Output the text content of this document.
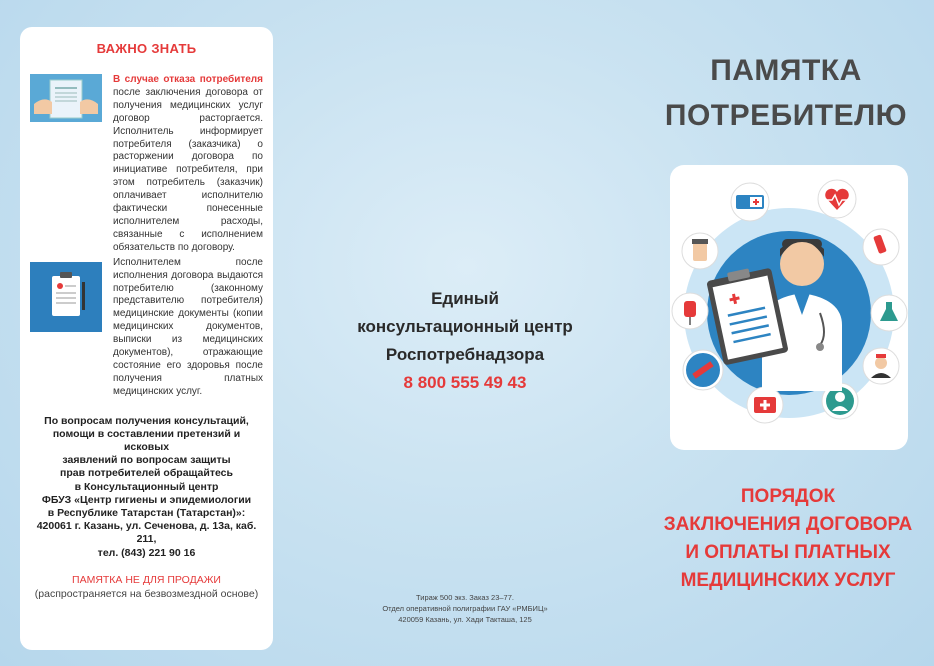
ВАЖНО ЗНАТЬ
В случае отказа потребителя после заключения договора от получения медицинских услуг договор расторгается. Исполнитель информирует потребителя (заказчика) о расторжении договора по инициативе потребителя, при этом потребитель (заказчик) оплачивает исполнителю фактически понесенные исполнителем расходы, связанные с исполнением обязательств по договору.
Исполнителем после исполнения договора выдаются потребителю (законному представителю потребителя) медицинские документы (копии медицинских документов, выписки из медицинских документов), отражающие состояние его здоровья после получения платных медицинских услуг.
По вопросам получения консультаций,
помощи в составлении претензий и исковых
заявлений по вопросам защиты
прав потребителей обращайтесь
в Консультационный центр
ФБУЗ «Центр гигиены и эпидемиологии
в Республике Татарстан (Татарстан)»:
420061 г. Казань, ул. Сеченова, д. 13а, каб. 211,
тел. (843) 221 90 16
ПАМЯТКА НЕ ДЛЯ ПРОДАЖИ
(распространяется на безвозмездной основе)
Единый
консультационный центр
Роспотребнадзора
8 800 555 49 43
Тираж 500 экз. Заказ 23–77.
Отдел оперативной полиграфии ГАУ «РМБИЦ»
420059 Казань, ул. Хади Такташа, 125
ПАМЯТКА
ПОТРЕБИТЕЛЮ
ПОРЯДОК
ЗАКЛЮЧЕНИЯ ДОГОВОРА
И ОПЛАТЫ ПЛАТНЫХ
МЕДИЦИНСКИХ УСЛУГ
